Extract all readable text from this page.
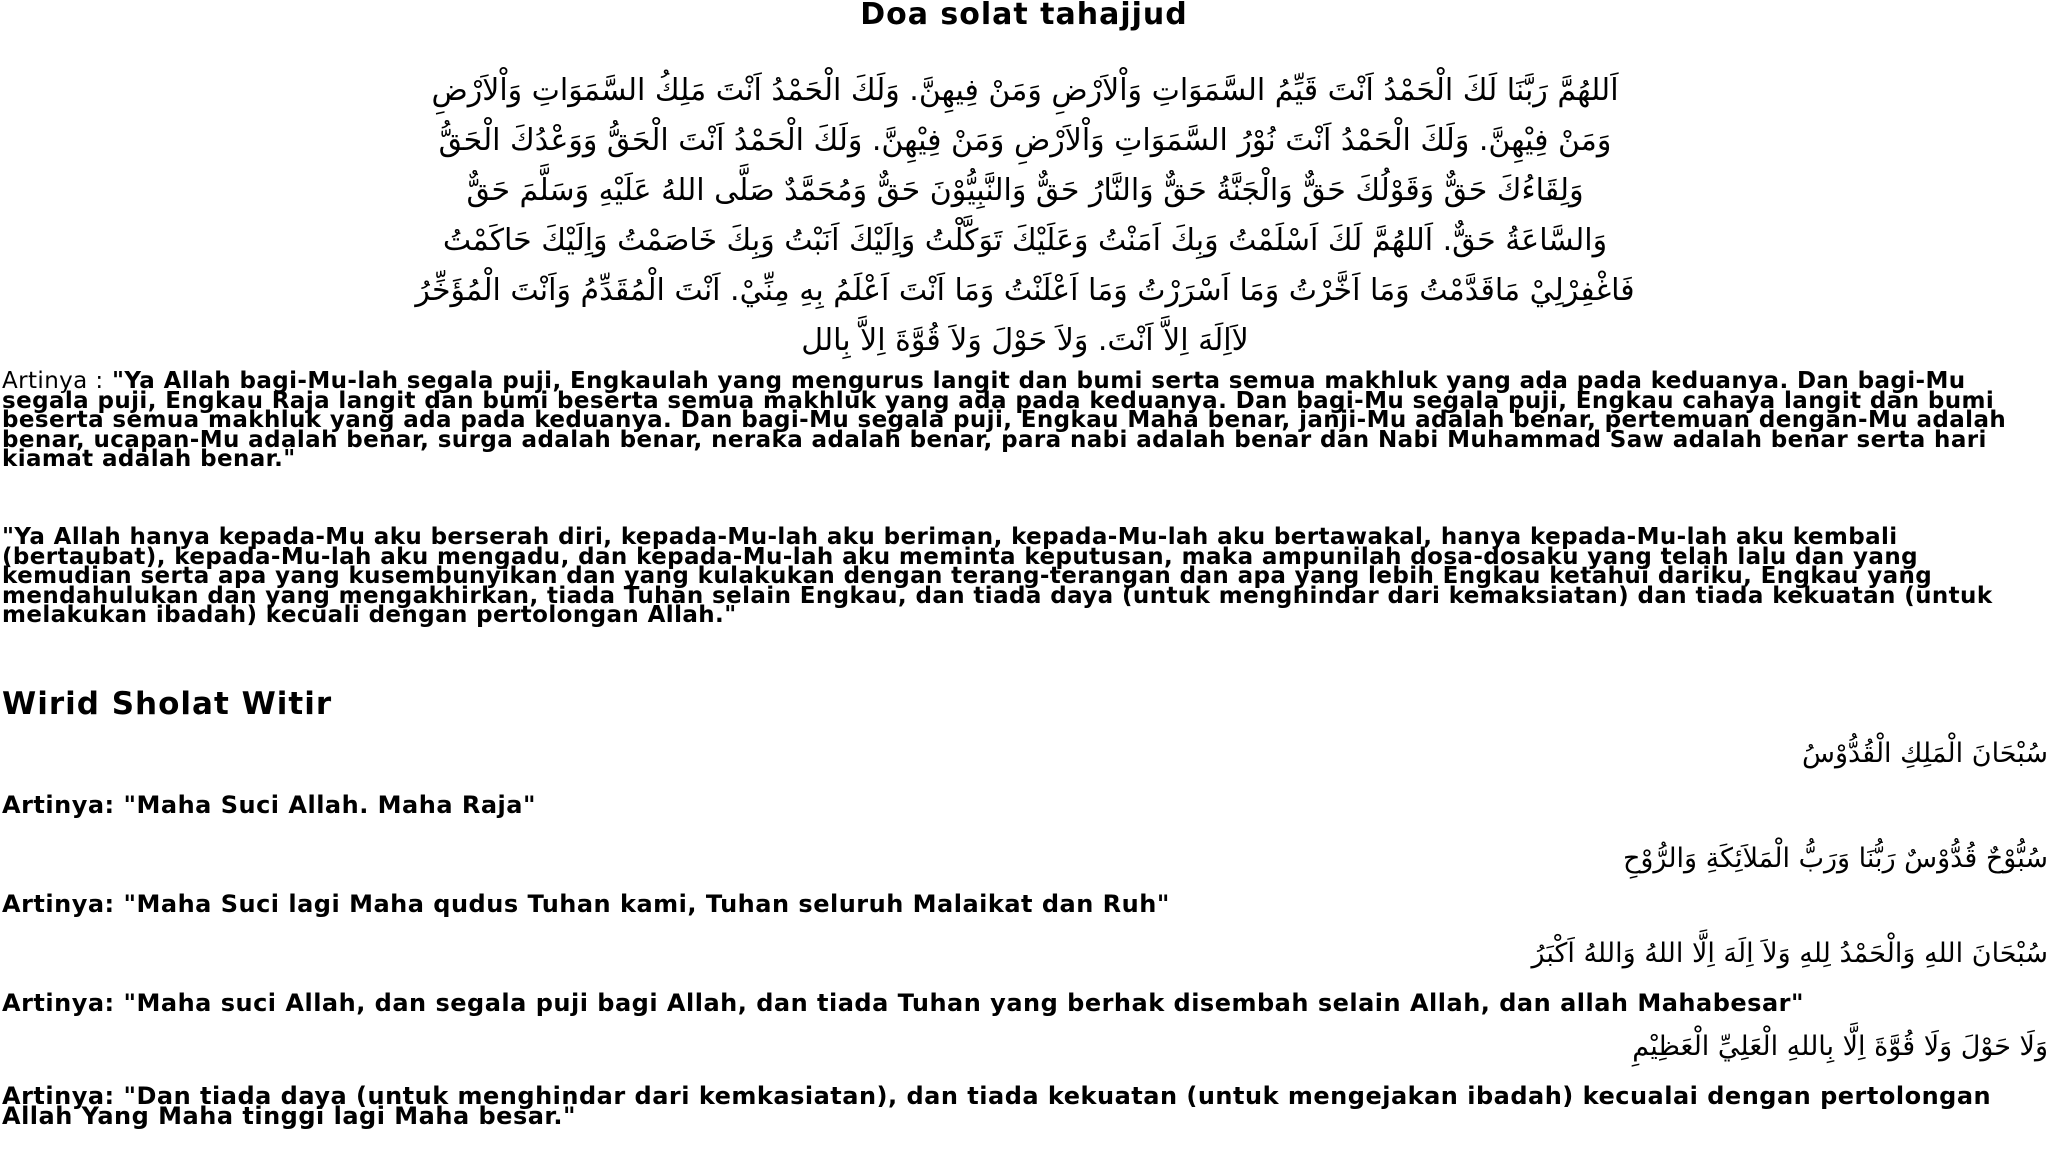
Doa solat tahajjud
اَللهُمَّ رَبَّنَا لَكَ الْحَمْدُ اَنْتَ قَيِّمُ السَّمَوَاتِ وَاْلاَرْضِ وَمَنْ فِيهِنَّ. وَلَكَ الْحَمْدُ اَنْتَ مَلِكُ السَّمَوَاتِ وَاْلاَرْضِ
وَمَنْ فِيْهِنَّ. وَلَكَ الْحَمْدُ اَنْتَ نُوْرُ السَّمَوَاتِ وَاْلاَرْضِ وَمَنْ فِيْهِنَّ. وَلَكَ الْحَمْدُ اَنْتَ الْحَقُّ وَوَعْدُكَ الْحَقُّ
وَلِقَاءُكَ حَقٌّ وَقَوْلُكَ حَقٌّ وَالْجَنَّةُ حَقٌّ وَالنَّارُ حَقٌّ وَالنَّبِيُّوْنَ حَقٌّ وَمُحَمَّدٌ صَلَّى اللهُ عَلَيْهِ وَسَلَّمَ حَقٌّ
وَالسَّاعَةُ حَقٌّ. اَللهُمَّ لَكَ اَسْلَمْتُ وَبِكَ اَمَنْتُ وَعَلَيْكَ تَوَكَّلْتُ وَاِلَيْكَ اَنَبْتُ وَبِكَ خَاصَمْتُ وَاِلَيْكَ حَاكَمْتُ
فَاغْفِرْلِيْ مَاقَدَّمْتُ وَمَا اَخَّرْتُ وَمَا اَسْرَرْتُ وَمَا اَعْلَنْتُ وَمَا اَنْتَ اَعْلَمُ بِهِ مِنِّيْ. اَنْتَ الْمُقَدِّمُ وَاَنْتَ الْمُؤَخِّرُ
لاَاِلَهَ اِلاَّ اَنْتَ. وَلاَ حَوْلَ وَلاَ قُوَّةَ اِلاَّ بِالل
Artinya : "Ya Allah bagi-Mu-lah segala puji, Engkaulah yang mengurus langit dan bumi serta semua makhluk yang ada pada keduanya. Dan bagi-Mu segala puji, Engkau Raja langit dan bumi beserta semua makhluk yang ada pada keduanya. Dan bagi-Mu segala puji, Engkau cahaya langit dan bumi beserta semua makhluk yang ada pada keduanya. Dan bagi-Mu segala puji, Engkau Maha benar, janji-Mu adalah benar, pertemuan dengan-Mu adalah benar, ucapan-Mu adalah benar, surga adalah benar, neraka adalah benar, para nabi adalah benar dan Nabi Muhammad Saw adalah benar serta hari kiamat adalah benar."
"Ya Allah hanya kepada-Mu aku berserah diri, kepada-Mu-lah aku beriman, kepada-Mu-lah aku bertawakal, hanya kepada-Mu-lah aku kembali (bertaubat), kepada-Mu-lah aku mengadu, dan kepada-Mu-lah aku meminta keputusan, maka ampunilah dosa-dosaku yang telah lalu dan yang kemudian serta apa yang kusembunyikan dan yang kulakukan dengan terang-terangan dan apa yang lebih Engkau ketahui dariku, Engkau yang mendahulukan dan yang mengakhirkan, tiada Tuhan selain Engkau, dan tiada daya (untuk menghindar dari kemaksiatan) dan tiada kekuatan (untuk melakukan ibadah) kecuali dengan pertolongan Allah."
Wirid Sholat Witir
سُبْحَانَ الْمَلِكِ الْقُدُّوْسُ
Artinya: "Maha Suci Allah. Maha Raja"
سُبُّوْحٌ قُدُّوْسٌ رَبُّنَا وَرَبُّ الْمَلاَئِكَةِ وَالرُّوْحِ
Artinya: "Maha Suci lagi Maha qudus Tuhan kami, Tuhan seluruh Malaikat dan Ruh"
سُبْحَانَ اللهِ وَالْحَمْدُ لِلهِ وَلاَ اِلَهَ اِلَّا اللهُ وَاللهُ اَكْبَرُ
Artinya: "Maha suci Allah, dan segala puji bagi Allah, dan tiada Tuhan yang berhak disembah selain Allah, dan allah Mahabesar"
وَلَا حَوْلَ وَلَا قُوَّةَ اِلَّا بِاللهِ الْعَلِيِّ الْعَظِيْمِ
Artinya: "Dan tiada daya (untuk menghindar dari kemkasiatan), dan tiada kekuatan (untuk mengejakan ibadah) kecualai dengan pertolongan Allah Yang Maha tinggi lagi Maha besar."
